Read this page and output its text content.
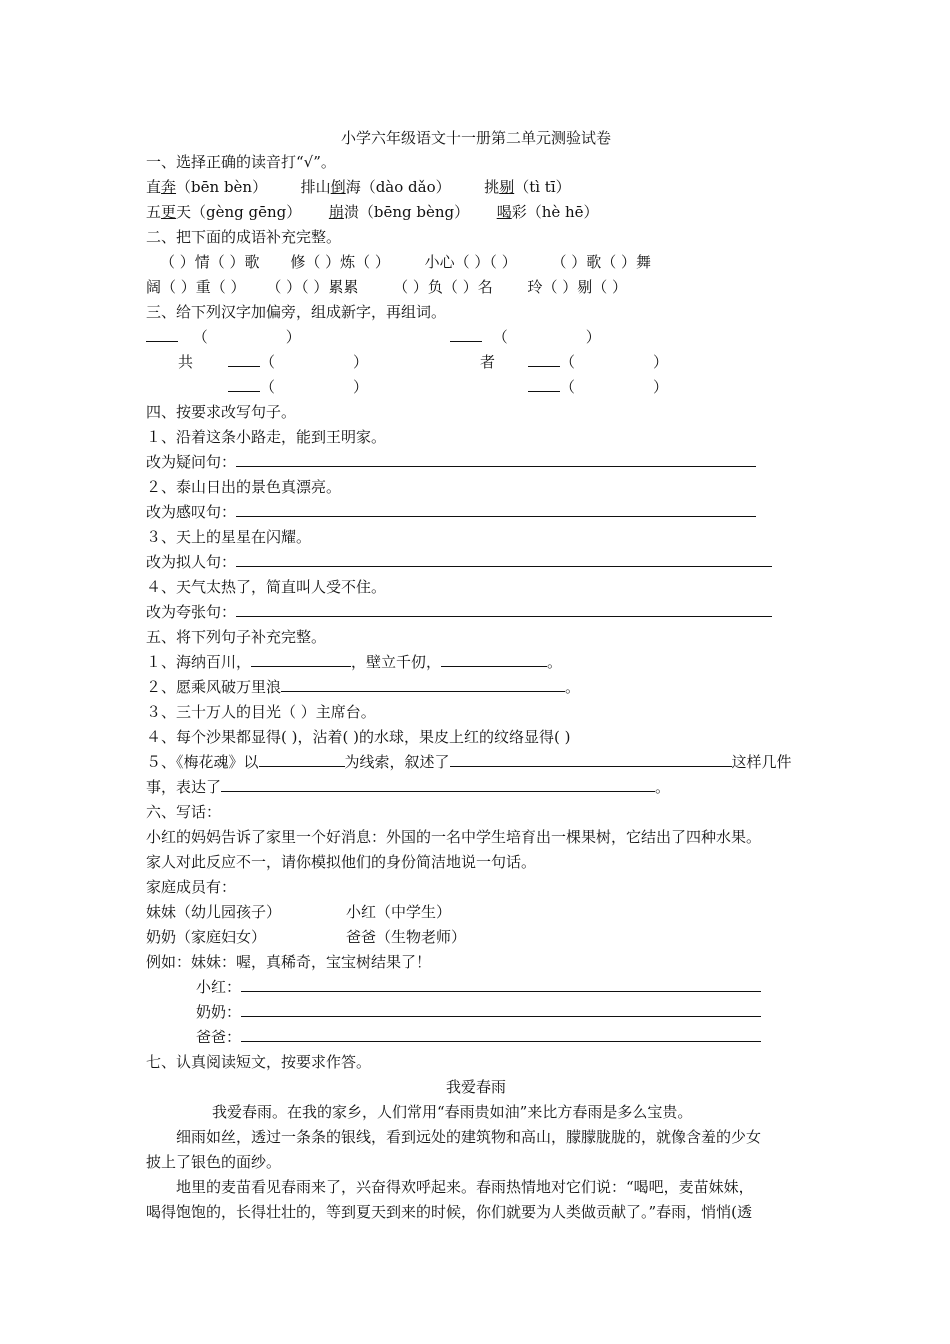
小学六年级语文十一册第二单元测验试卷
一、选择正确的读音打“√”。
直奔（bēn bèn） 排山倒海（dào dǎo） 挑剔（tì tī）
五更天（gèng gēng） 崩溃（bēng bèng） 喝彩（hè hē）
二、把下面的成语补充完整。
（ ）情（ ）歌 修（ ）炼（ ） 小心（ ）（ ） （ ）歌（ ）舞
阔（ ）重（ ） （ ）（ ）累累 （ ）负（ ）名 玲（ ）剔（ ）
三、给下列汉字加偏旁，组成新字，再组词。
（	）	（	）
共	（	）	者	（	）
（	）	（	）
四、按要求改写句子。
１、沿着这条小路走，能到王明家。
改为疑问句：
２、泰山日出的景色真漂亮。
改为感叹句：
３、天上的星星在闪耀。
改为拟人句：
４、天气太热了，简直叫人受不住。
改为夸张句：
五、将下列句子补充完整。
１、海纳百川，	，壁立千仞，	。
２、愿乘风破万里浪	。
３、三十万人的目光（ ）主席台。
４、每个沙果都显得( )，沾着( )的水球，果皮上红的纹络显得( )
５、《梅花魂》以	为线索，叙述了	这样几件
事，表达了	。
六、写话：
小红的妈妈告诉了家里一个好消息：外国的一名中学生培育出一棵果树，它结出了四种水果。
家人对此反应不一，请你模拟他们的身份简洁地说一句话。
家庭成员有：
妹妹（幼儿园孩子）	小红（中学生）
奶奶（家庭妇女）	爸爸（生物老师）
例如：妹妹：喔，真稀奇，宝宝树结果了！
小红：
奶奶：
爸爸：
七、认真阅读短文，按要求作答。
我爱春雨
我爱春雨。在我的家乡，人们常用“春雨贵如油”来比方春雨是多么宝贵。
细雨如丝，透过一条条的银线，看到远处的建筑物和高山，朦朦胧胧的，就像含羞的少女
披上了银色的面纱。
地里的麦苗看见春雨来了，兴奋得欢呼起来。春雨热情地对它们说：“喝吧，麦苗妹妹，
喝得饱饱的，长得壮壮的，等到夏天到来的时候，你们就要为人类做贡献了。”春雨，悄悄(透
